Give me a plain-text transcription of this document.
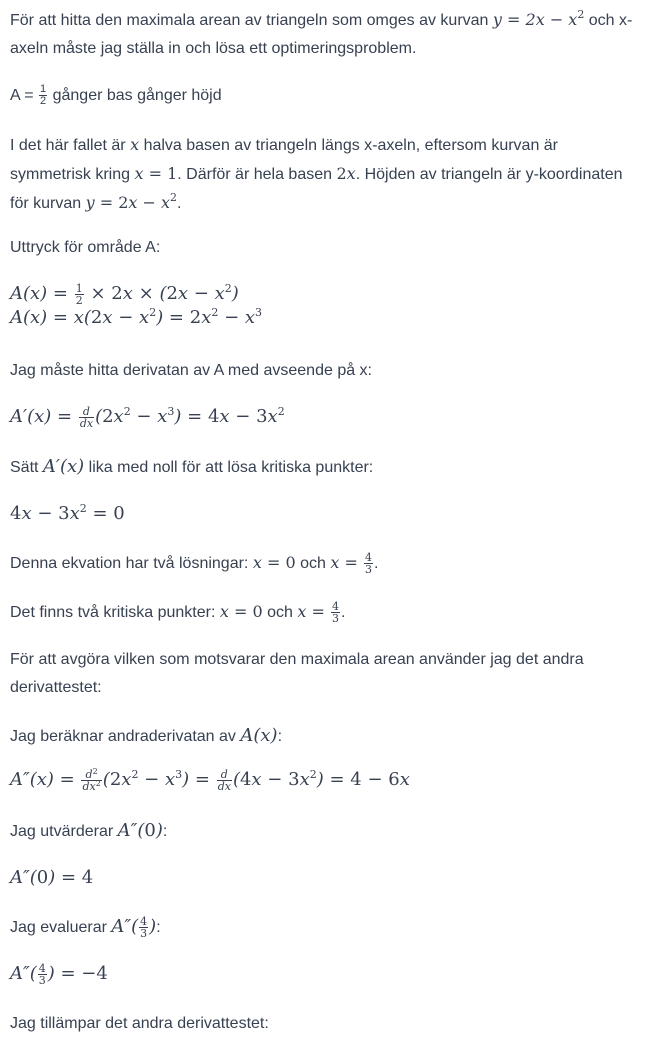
För att hitta den maximala arean av triangeln som omges av kurvan $y = 2x - x^2$ och x-axeln måste jag ställa in och lösa ett optimeringsproblem.

$A = \frac{1}{2}$ gånger bas gånger höjd

I det här fallet är x halva basen av triangeln längs x-axeln, eftersom kurvan är symmetrisk kring x = 1. Därför är hela basen 2x. Höjden av triangeln är y-koordinaten för kurvan $y = 2x - x^2$.

Uttryck för område A:

$A(x) = \frac{1}{2} \times 2x \times (2x - x^2)$

$A(x) = x(2x - x^2) = 2x^2 - x^3$

Jag måste hitta derivatan av A med avseende på x:

$A'(x) = \frac{d}{dx} (2x^2 - x^3) = 4x - 3x^2$

Sätt A′(x) lika med noll för att lösa kritiska punkter:

$4x - 3x^2 = 0$

Denna ekvation har två lösningar: x = 0 och $x = \frac{4}{3}$ .

Det finns två kritiska punkter: x = 0 och $x = \frac{4}{3}$ .

För att avgöra vilken som motsvarar den maximala arean använder jag det andra derivattestet:

Jag beräknar andraderivatan av A(x):

$A''(x) = \frac{d^2}{dx^2} (2x^2 - x^3) = \frac{d}{dx} (4x - 3x^2) = 4 - 6x$

Jag utvärderar A″(0):

A″(0) = 4

Jag evaluerar $A''( \frac{4}{3}$ ):

$A''( \frac{4}{3}$ ) = −4

Jag tillämpar det andra derivattestet:
